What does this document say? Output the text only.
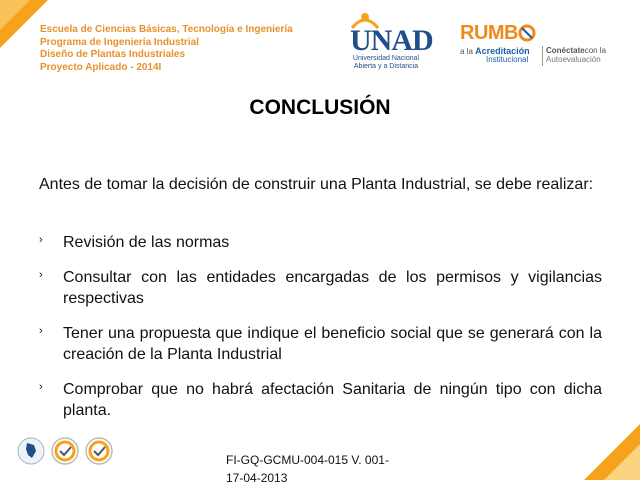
Escuela de Ciencias Básicas, Tecnología e Ingeniería
Programa de Ingeniería Industrial
Diseño de Plantas Industriales
Proyecto Aplicado - 2014I
UNAD
Universidad Nacional
Abierta y a Distancia
RUMB
a la Acreditación
Institucional
Conéctatecon la
Autoevaluación
CONCLUSIÓN
Antes de tomar la decisión de construir una Planta Industrial, se debe realizar:
› Revisión de las normas
› Consultar con las entidades encargadas de los permisos y vigilancias respectivas
› Tener una propuesta que indique el beneficio social que se generará con la creación de la Planta Industrial
› Comprobar que no habrá afectación Sanitaria de ningún tipo con dicha planta.
FI-GQ-GCMU-004-015 V. 001-17-04-2013
